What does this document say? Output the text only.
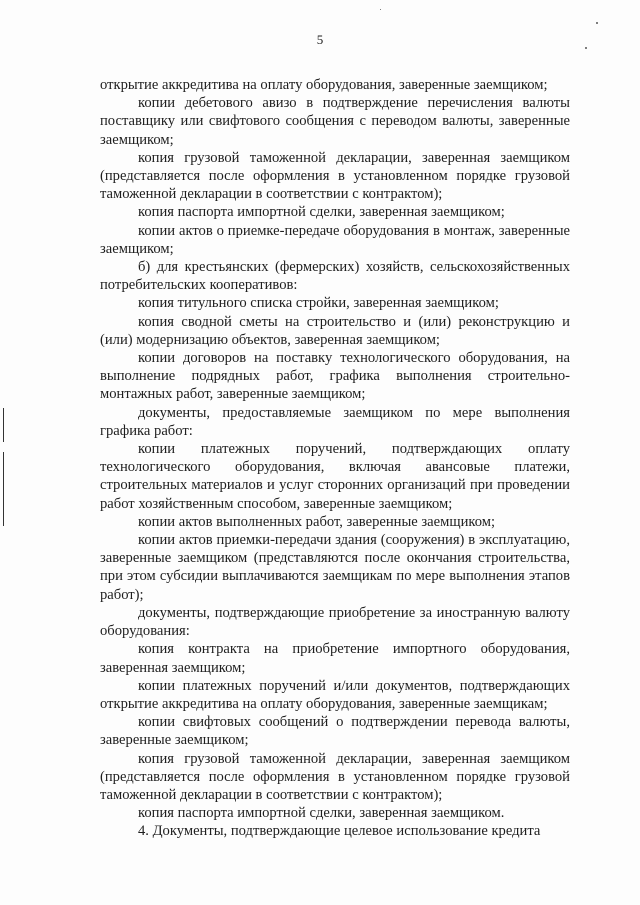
5

открытие аккредитива на оплату оборудования, заверенные заемщиком;

копии дебетового авизо в подтверждение перечисления валюты поставщику или свифтового сообщения с переводом валюты, заверенные заемщиком;

копия грузовой таможенной декларации, заверенная заемщиком (представляется после оформления в установленном порядке грузовой таможенной декларации в соответствии с контрактом);

копия паспорта импортной сделки, заверенная заемщиком;

копии актов о приемке-передаче оборудования в монтаж, заверенные заемщиком;

б) для крестьянских (фермерских) хозяйств, сельскохозяйственных потребительских кооперативов:

копия титульного списка стройки, заверенная заемщиком;

копия сводной сметы на строительство и (или) реконструкцию и (или) модернизацию объектов, заверенная заемщиком;

копии договоров на поставку технологического оборудования, на выполнение подрядных работ, графика выполнения строительно-монтажных работ, заверенные заемщиком;

документы, предоставляемые заемщиком по мере выполнения графика работ:

копии платежных поручений, подтверждающих оплату технологического оборудования, включая авансовые платежи, строительных материалов и услуг сторонних организаций при проведении работ хозяйственным способом, заверенные заемщиком;

копии актов выполненных работ, заверенные заемщиком;

копии актов приемки-передачи здания (сооружения) в эксплуатацию, заверенные заемщиком (представляются после окончания строительства, при этом субсидии выплачиваются заемщикам по мере выполнения этапов работ);

документы, подтверждающие приобретение за иностранную валюту оборудования:

копия контракта на приобретение импортного оборудования, заверенная заемщиком;

копии платежных поручений и/или документов, подтверждающих открытие аккредитива на оплату оборудования, заверенные заемщикам;

копии свифтовых сообщений о подтверждении перевода валюты, заверенные заемщиком;

копия грузовой таможенной декларации, заверенная заемщиком (представляется после оформления в установленном порядке грузовой таможенной декларации в соответствии с контрактом);

копия паспорта импортной сделки, заверенная заемщиком.

4. Документы, подтверждающие целевое использование кредита
